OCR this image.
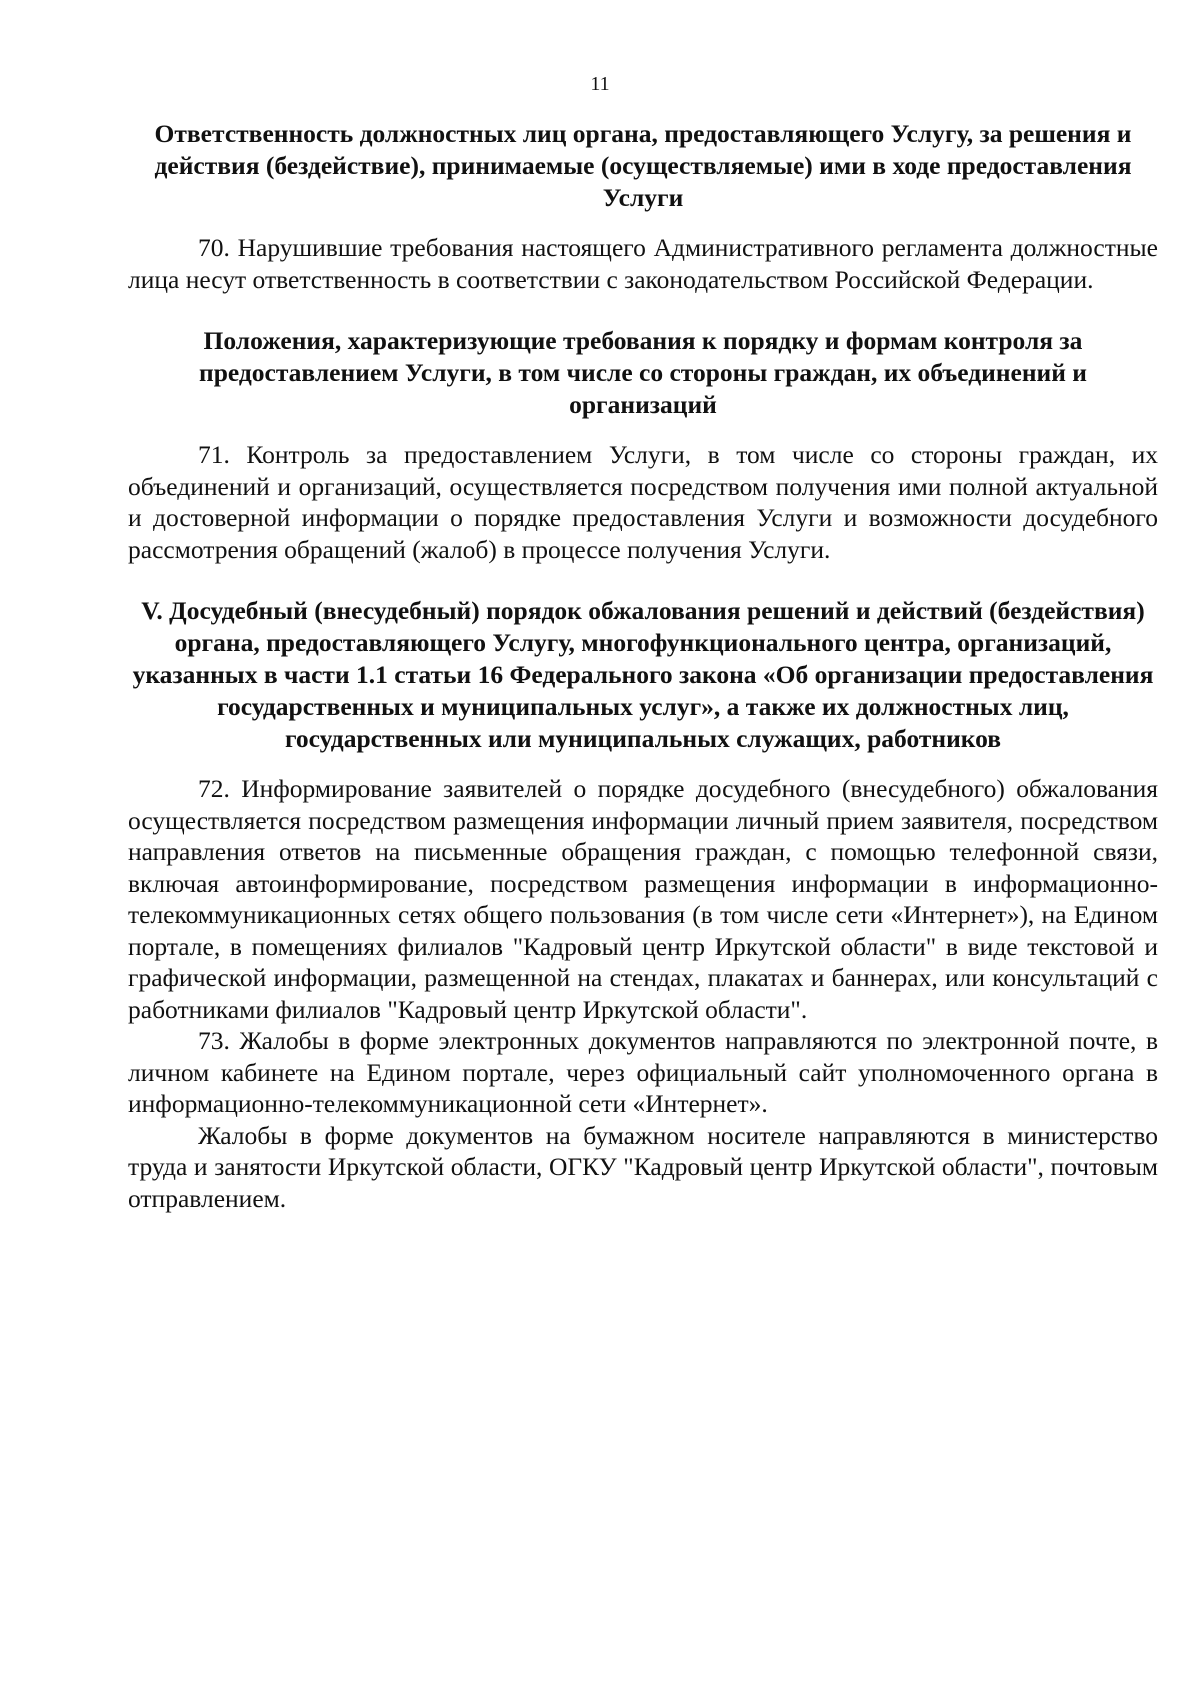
11
Ответственность должностных лиц органа, предоставляющего Услугу, за решения и действия (бездействие), принимаемые (осуществляемые) ими в ходе предоставления Услуги

70. Нарушившие требования настоящего Административного регламента должностные лица несут ответственность в соответствии с законодательством Российской Федерации.

Положения, характеризующие требования к порядку и формам контроля за предоставлением Услуги, в том числе со стороны граждан, их объединений и организаций

71. Контроль за предоставлением Услуги, в том числе со стороны граждан, их объединений и организаций, осуществляется посредством получения ими полной актуальной и достоверной информации о порядке предоставления Услуги и возможности досудебного рассмотрения обращений (жалоб) в процессе получения Услуги.

V. Досудебный (внесудебный) порядок обжалования решений и действий (бездействия) органа, предоставляющего Услугу, многофункционального центра, организаций, указанных в части 1.1 статьи 16 Федерального закона «Об организации предоставления государственных и муниципальных услуг», а также их должностных лиц, государственных или муниципальных служащих, работников

72. Информирование заявителей о порядке досудебного (внесудебного) обжалования осуществляется посредством размещения информации личный прием заявителя, посредством направления ответов на письменные обращения граждан, с помощью телефонной связи, включая автоинформирование, посредством размещения информации в информационно-телекоммуникационных сетях общего пользования (в том числе сети «Интернет»), на Едином портале, в помещениях филиалов "Кадровый центр Иркутской области" в виде текстовой и графической информации, размещенной на стендах, плакатах и баннерах, или консультаций с работниками филиалов "Кадровый центр Иркутской области".

73. Жалобы в форме электронных документов направляются по электронной почте, в личном кабинете на Едином портале, через официальный сайт уполномоченного органа в информационно-телекоммуникационной сети «Интернет».

Жалобы в форме документов на бумажном носителе направляются в министерство труда и занятости Иркутской области, ОГКУ "Кадровый центр Иркутской области", почтовым отправлением.
